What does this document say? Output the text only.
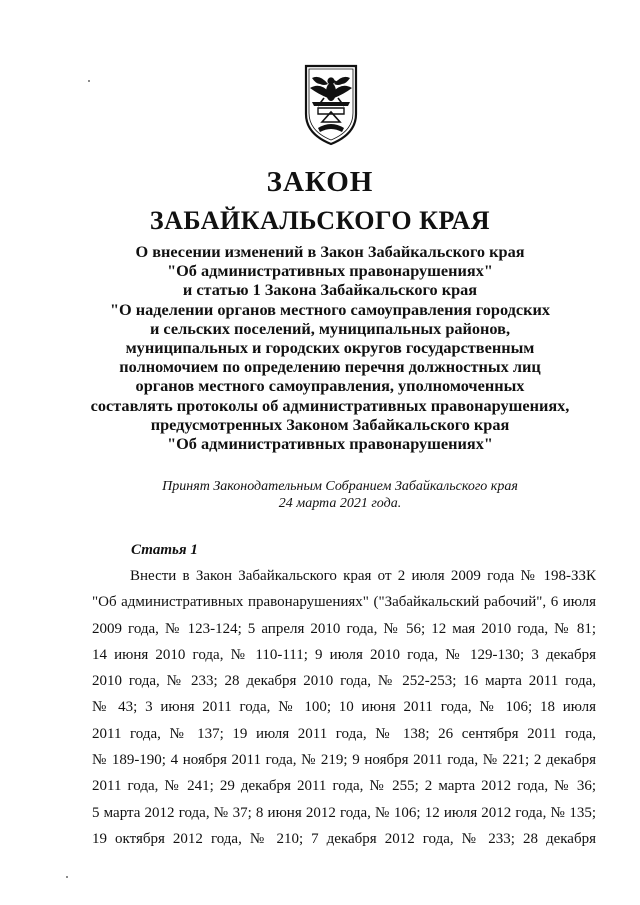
ЗАКОН
ЗАБАЙКАЛЬСКОГО КРАЯ
О внесении изменений в Закон Забайкальского края
"Об административных правонарушениях"
и статью 1 Закона Забайкальского края
"О наделении органов местного самоуправления городских
и сельских поселений, муниципальных районов,
муниципальных и городских округов государственным
полномочием по определению перечня должностных лиц
органов местного самоуправления, уполномоченных
составлять протоколы об административных правонарушениях,
предусмотренных Законом Забайкальского края
"Об административных правонарушениях"
Принят Законодательным Собранием Забайкальского края
24 марта 2021 года.
Статья 1
Внести в Закон Забайкальского края от 2 июля 2009 года № 198-ЗЗК
"Об административных правонарушениях" ("Забайкальский рабочий", 6 июля
2009 года, № 123-124; 5 апреля 2010 года, № 56; 12 мая 2010 года, № 81;
14 июня 2010 года, № 110-111; 9 июля 2010 года, № 129-130; 3 декабря
2010 года, № 233; 28 декабря 2010 года, № 252-253; 16 марта 2011 года,
№ 43; 3 июня 2011 года, № 100; 10 июня 2011 года, № 106; 18 июля
2011 года, № 137; 19 июля 2011 года, № 138; 26 сентября 2011 года,
№ 189-190; 4 ноября 2011 года, № 219; 9 ноября 2011 года, № 221; 2 декабря
2011 года, № 241; 29 декабря 2011 года, № 255; 2 марта 2012 года, № 36;
5 марта 2012 года, № 37; 8 июня 2012 года, № 106; 12 июля 2012 года, № 135;
19 октября 2012 года, № 210; 7 декабря 2012 года, № 233; 28 декабря
